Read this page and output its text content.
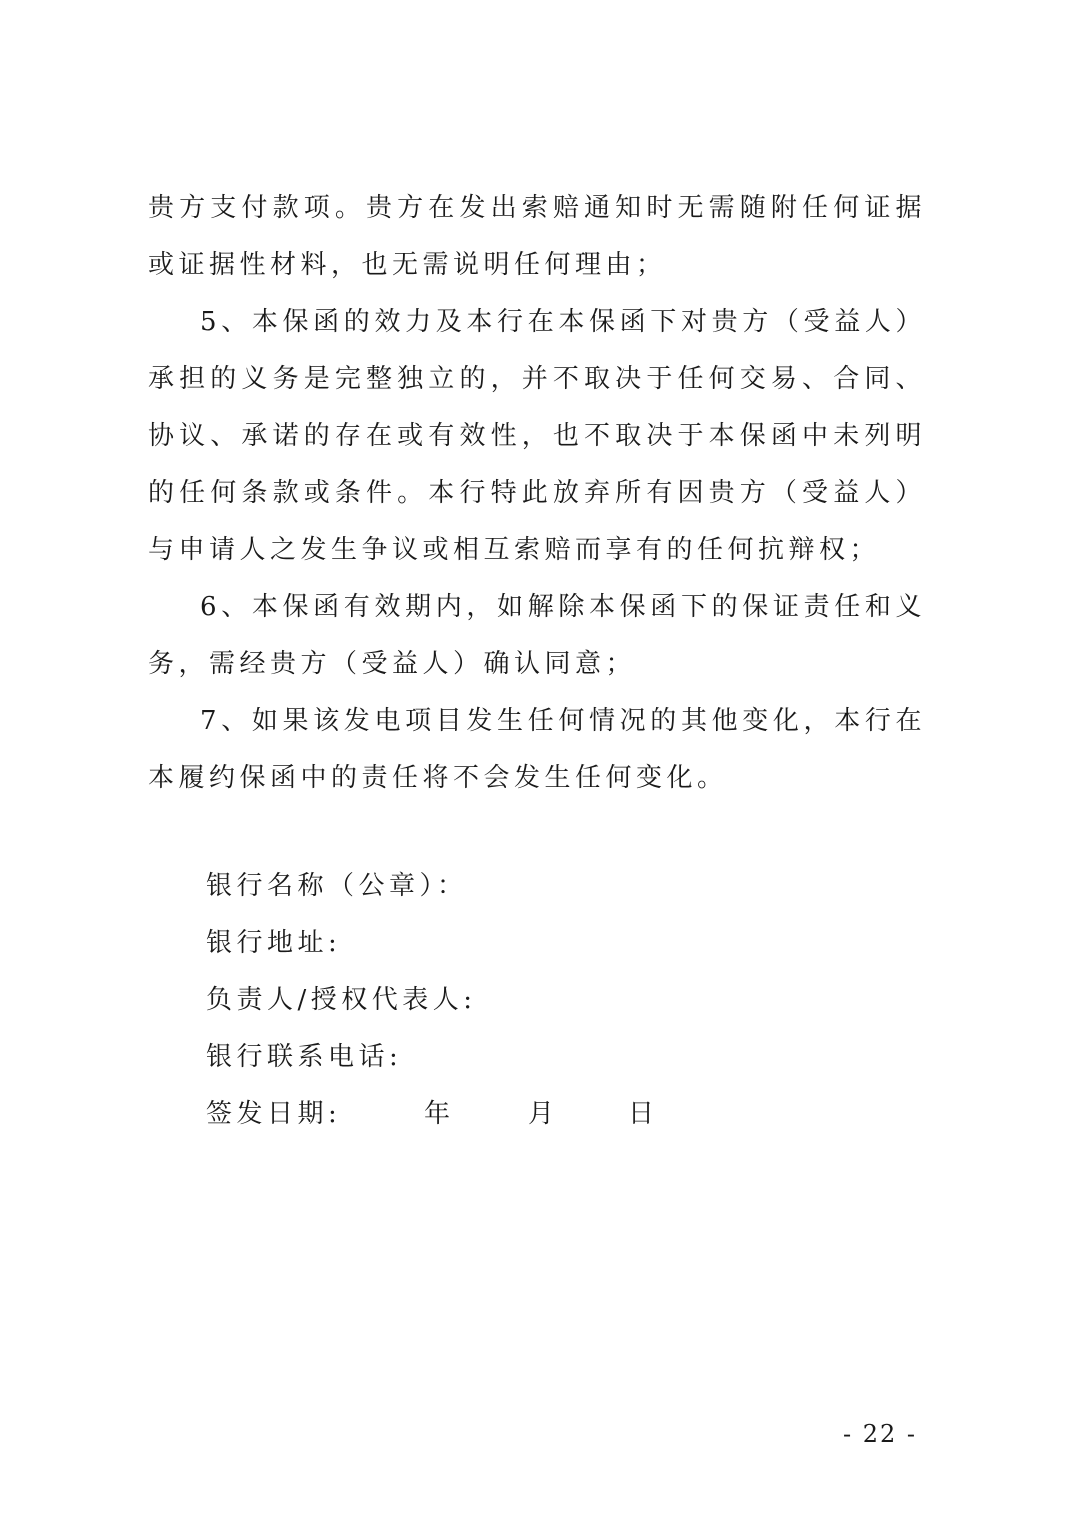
贵方支付款项。贵方在发出索赔通知时无需随附任何证据或证据性材料，也无需说明任何理由；

5、本保函的效力及本行在本保函下对贵方（受益人）承担的义务是完整独立的，并不取决于任何交易、合同、协议、承诺的存在或有效性，也不取决于本保函中未列明的任何条款或条件。本行特此放弃所有因贵方（受益人）与申请人之发生争议或相互索赔而享有的任何抗辩权；

6、本保函有效期内，如解除本保函下的保证责任和义务，需经贵方（受益人）确认同意；

7、如果该发电项目发生任何情况的其他变化，本行在本履约保函中的责任将不会发生任何变化。

银行名称（公章）：
银行地址:
负责人/授权代表人:
银行联系电话:
签发日期:	年	月	日
- 22 -
